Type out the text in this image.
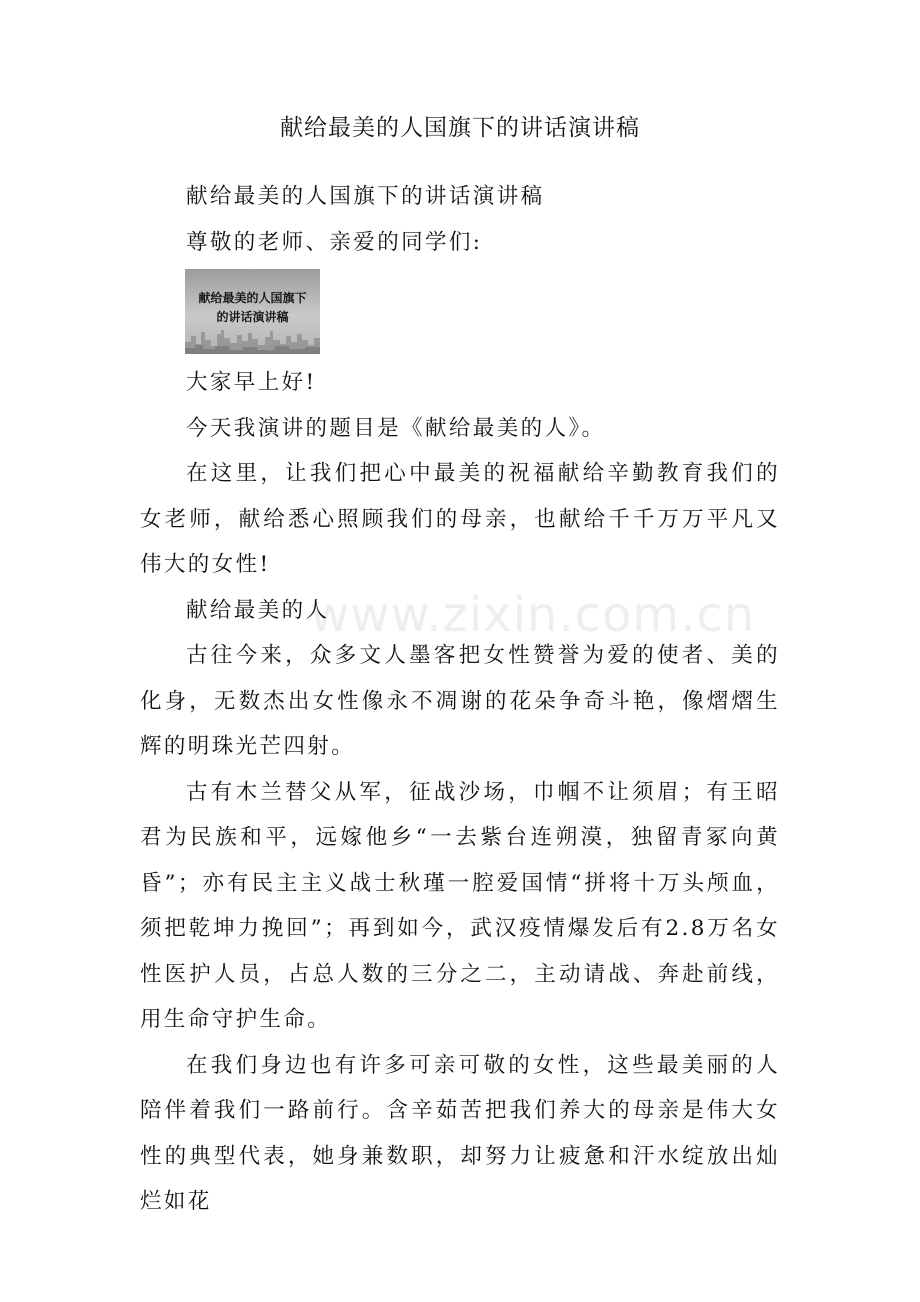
献给最美的人国旗下的讲话演讲稿

献给最美的人国旗下的讲话演讲稿

尊敬的老师、亲爱的同学们:

献给最美的人国旗下
的讲话演讲稿

大家早上好!

今天我演讲的题目是《献给最美的人》。

在这里，让我们把心中最美的祝福献给辛勤教育我们的女老师，献给悉心照顾我们的母亲，也献给千千万万平凡又伟大的女性!

献给最美的人

古往今来，众多文人墨客把女性赞誉为爱的使者、美的化身，无数杰出女性像永不凋谢的花朵争奇斗艳，像熠熠生辉的明珠光芒四射。

古有木兰替父从军，征战沙场，巾帼不让须眉；有王昭君为民族和平，远嫁他乡“一去紫台连朔漠，独留青冢向黄昏”；亦有民主主义战士秋瑾一腔爱国情“拼将十万头颅血，须把乾坤力挽回”；再到如今，武汉疫情爆发后有2.8万名女性医护人员，占总人数的三分之二，主动请战、奔赴前线，用生命守护生命。

在我们身边也有许多可亲可敬的女性，这些最美丽的人陪伴着我们一路前行。含辛茹苦把我们养大的母亲是伟大女性的典型代表，她身兼数职，却努力让疲惫和汗水绽放出灿烂如花

www.zixin.com.cn
